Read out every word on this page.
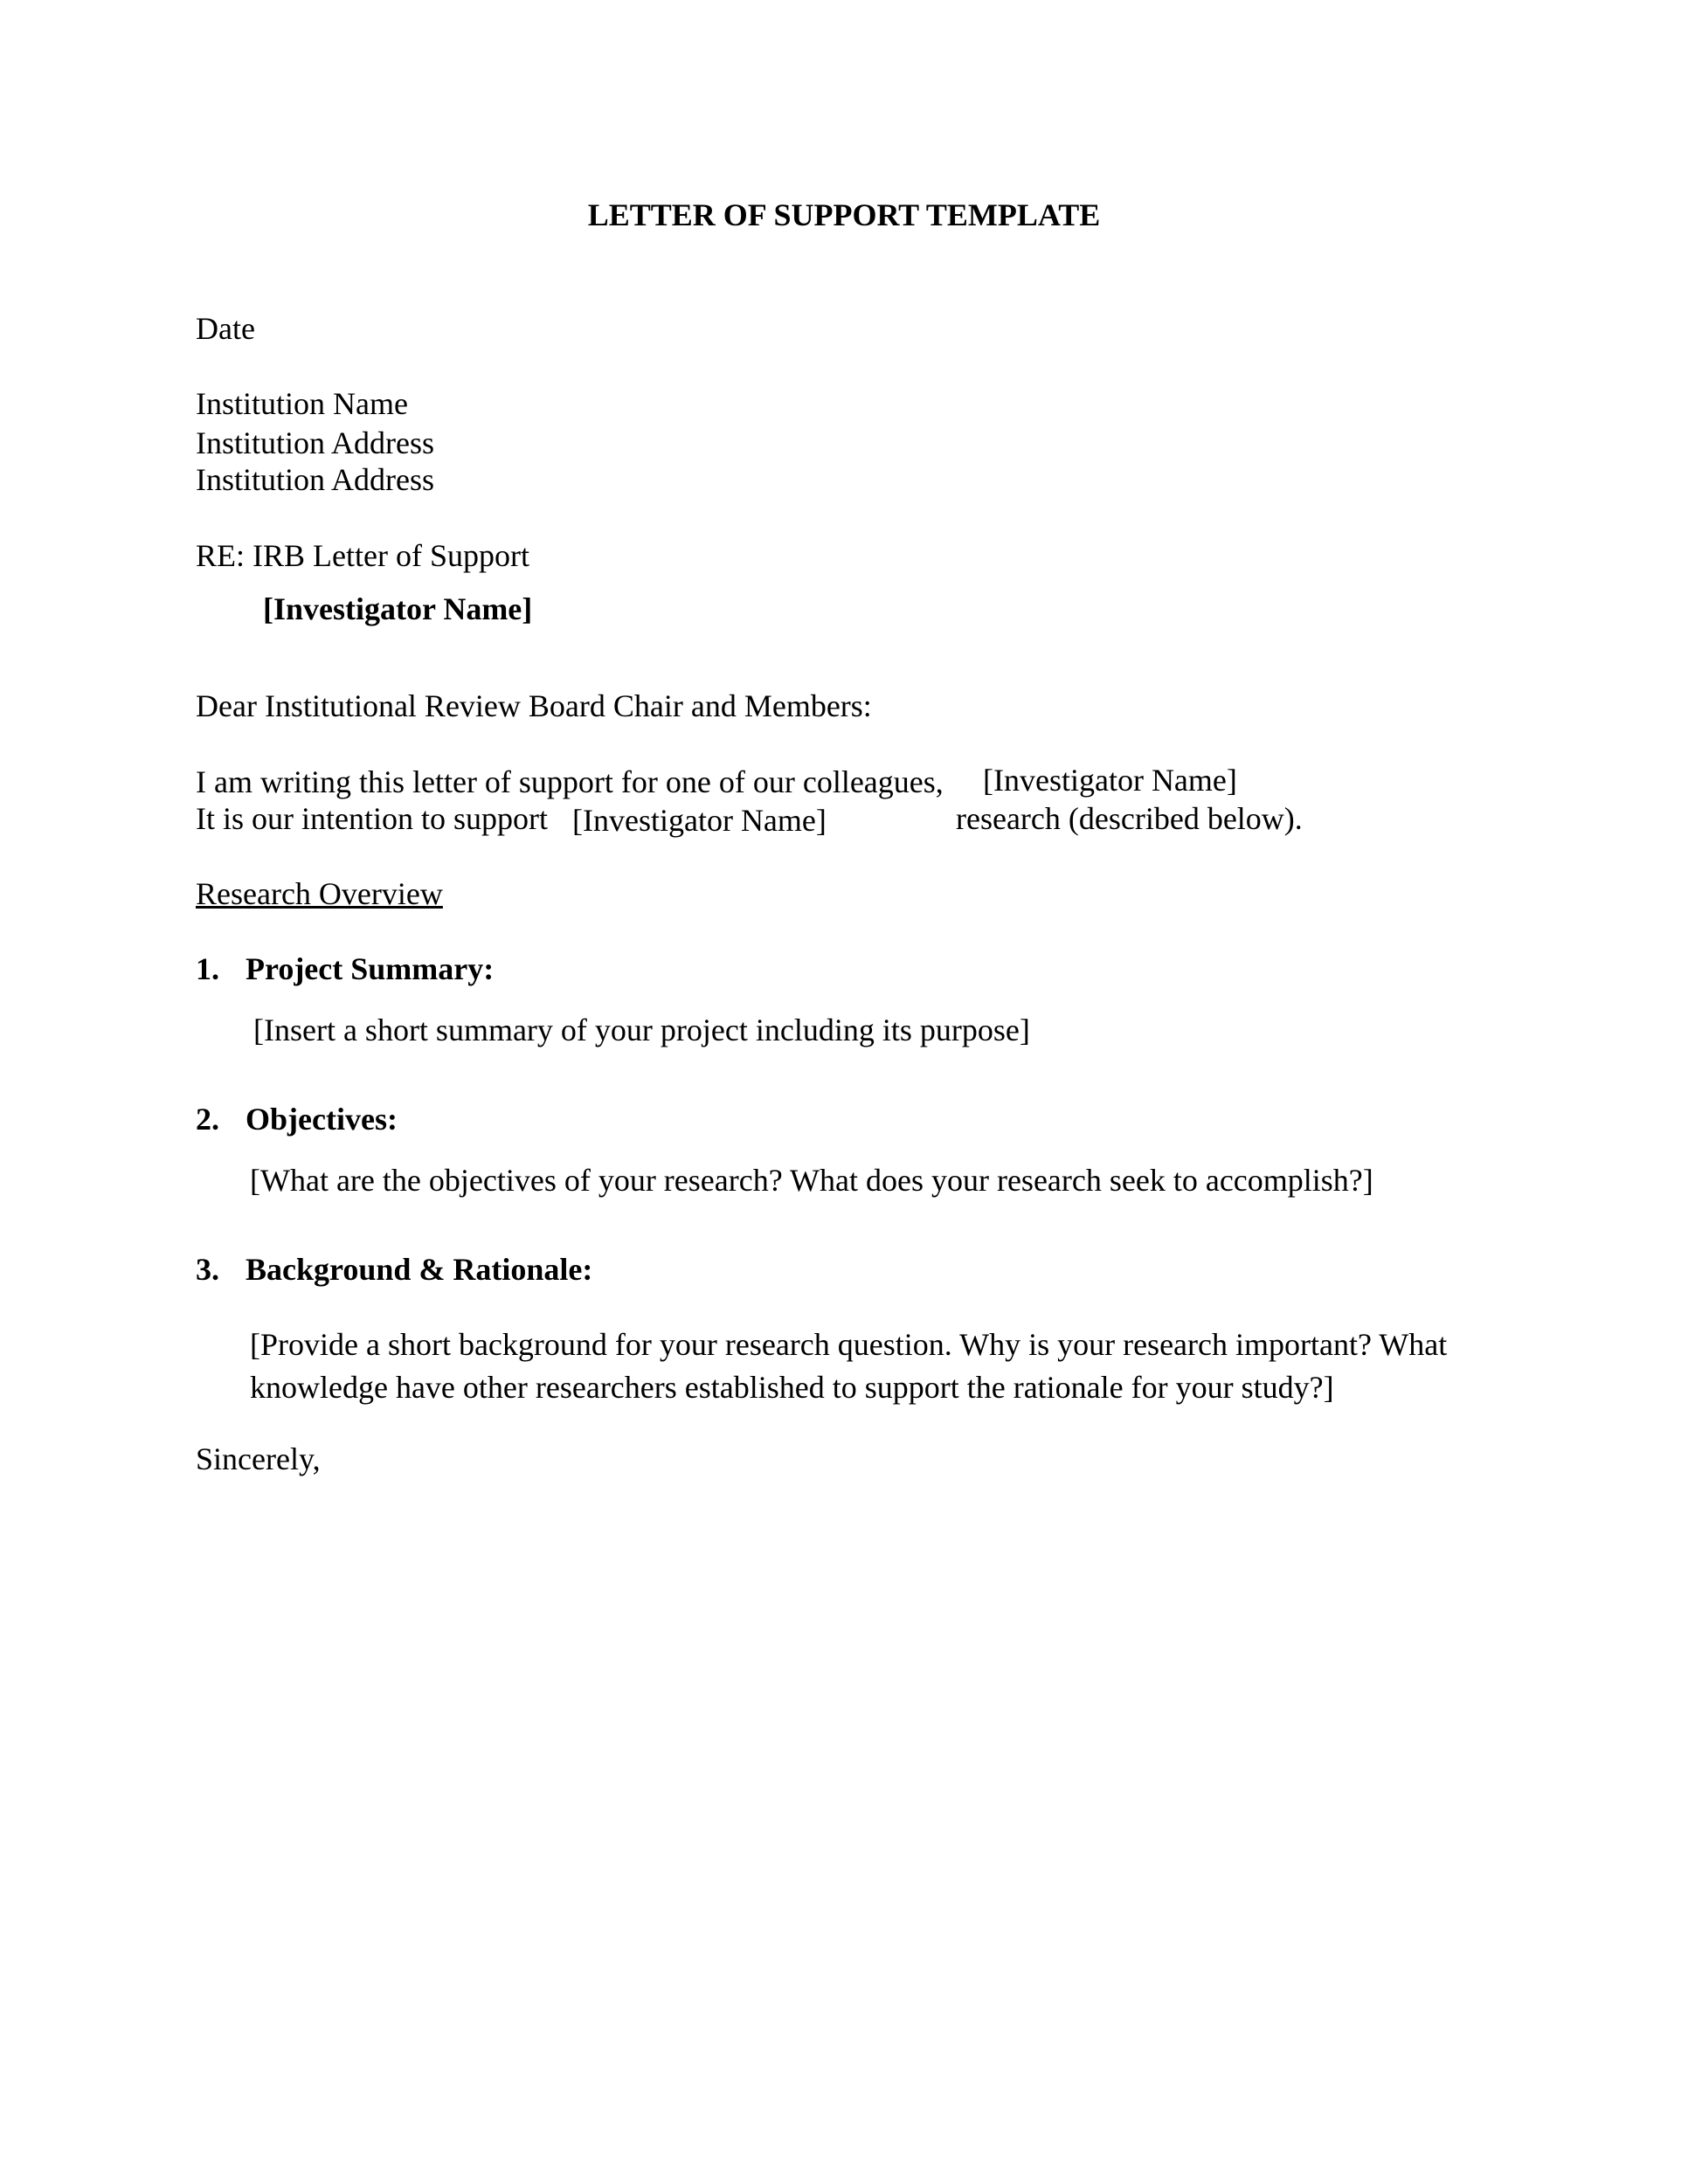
LETTER OF SUPPORT TEMPLATE
Date
Institution Name
Institution Address
Institution Address
RE: IRB Letter of Support
[Investigator Name]
Dear Institutional Review Board Chair and Members:
I am writing this letter of support for one of our colleagues, [Investigator Name]
It is our intention to support [Investigator Name]	research (described below).
Research Overview
1. Project Summary:
[Insert a short summary of your project including its purpose]
2. Objectives:
[What are the objectives of your research? What does your research seek to accomplish?]
3. Background & Rationale:
[Provide a short background for your research question. Why is your research important? What
knowledge have other researchers established to support the rationale for your study?]
Sincerely,
